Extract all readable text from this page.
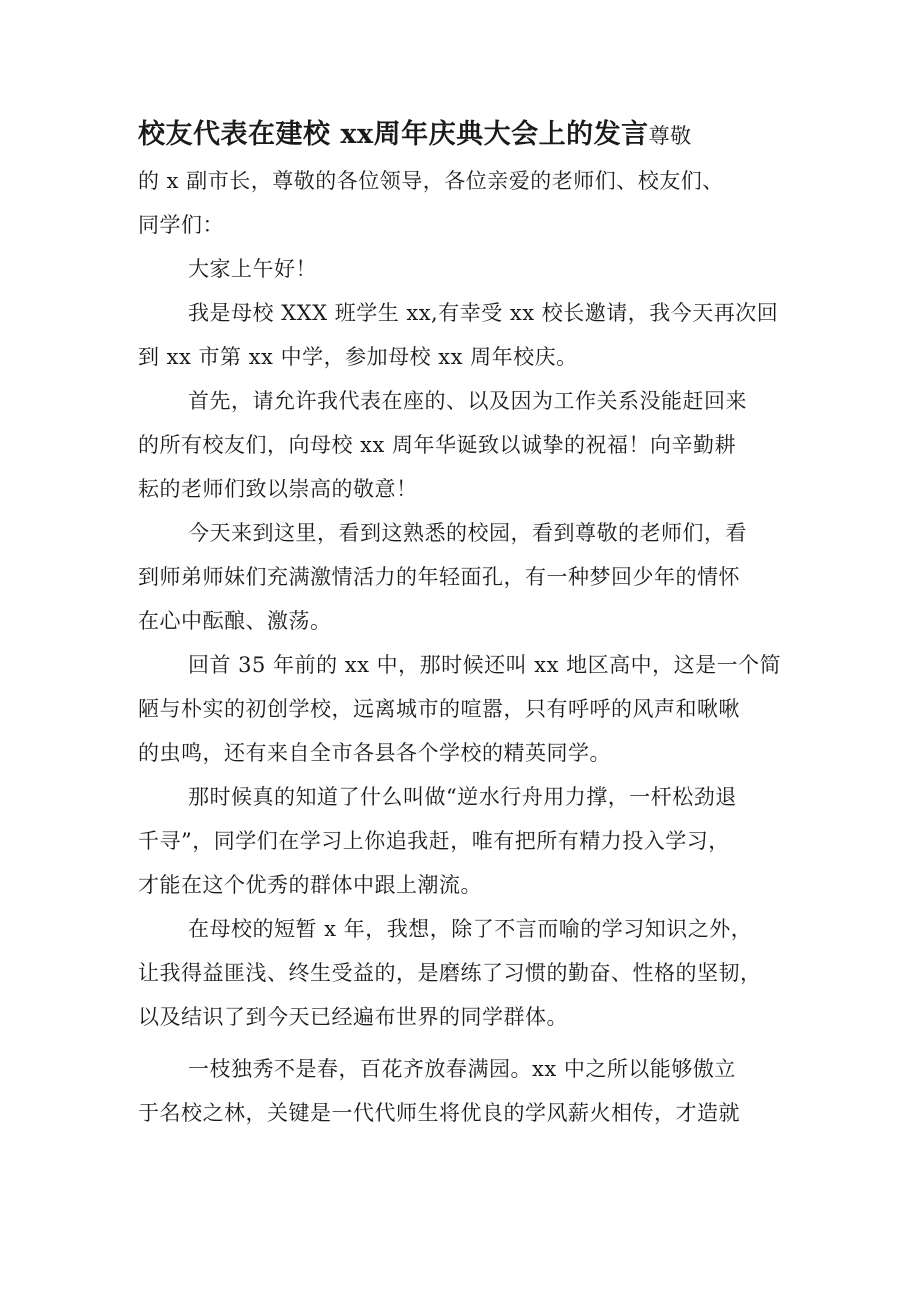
校友代表在建校 xx周年庆典大会上的发言尊敬
的 x 副市长，尊敬的各位领导，各位亲爱的老师们、校友们、
同学们：
大家上午好！
我是母校 XXX 班学生 xx,有幸受 xx 校长邀请，我今天再次回
到 xx 市第 xx 中学，参加母校 xx 周年校庆。
首先，请允许我代表在座的、以及因为工作关系没能赶回来
的所有校友们，向母校 xx 周年华诞致以诚挚的祝福！向辛勤耕
耘的老师们致以崇高的敬意！
今天来到这里，看到这熟悉的校园，看到尊敬的老师们，看
到师弟师妹们充满激情活力的年轻面孔，有一种梦回少年的情怀
在心中酝酿、激荡。
回首 35 年前的 xx 中，那时候还叫 xx 地区高中，这是一个简
陋与朴实的初创学校，远离城市的喧嚣，只有呼呼的风声和啾啾
的虫鸣，还有来自全市各县各个学校的精英同学。
那时候真的知道了什么叫做“逆水行舟用力撑，一杆松劲退
千寻”，同学们在学习上你追我赶，唯有把所有精力投入学习，
才能在这个优秀的群体中跟上潮流。
在母校的短暂 x 年，我想，除了不言而喻的学习知识之外，
让我得益匪浅、终生受益的，是磨练了习惯的勤奋、性格的坚韧，
以及结识了到今天已经遍布世界的同学群体。
一枝独秀不是春，百花齐放春满园。xx 中之所以能够傲立
于名校之林，关键是一代代师生将优良的学风薪火相传，才造就
